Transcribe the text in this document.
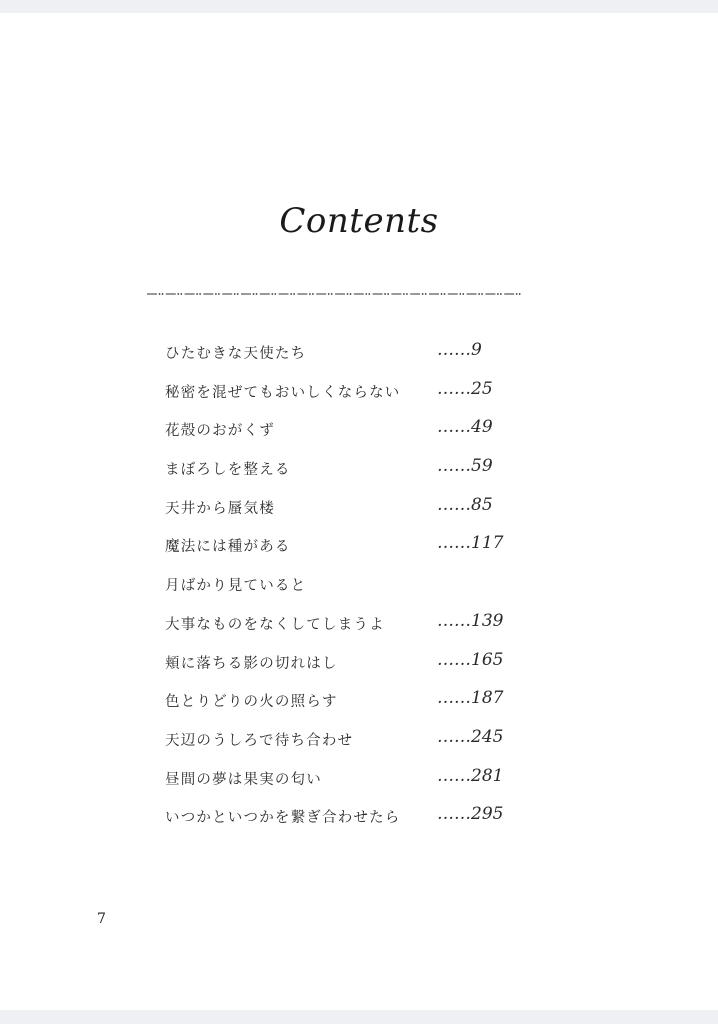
Contents
ひたむきな天使たち	……9
秘密を混ぜてもおいしくならない ……25
花殻のおがくず	……49
まぼろしを整える	……59
天井から蜃気楼	……85
魔法には種がある	……117
月ばかり見ていると
大事なものをなくしてしまうよ	……139
頬に落ちる影の切れはし	……165
色とりどりの火の照らす	……187
天辺のうしろで待ち合わせ	……245
昼間の夢は果実の匂い	……281
いつかといつかを繋ぎ合わせたら ……295
7
